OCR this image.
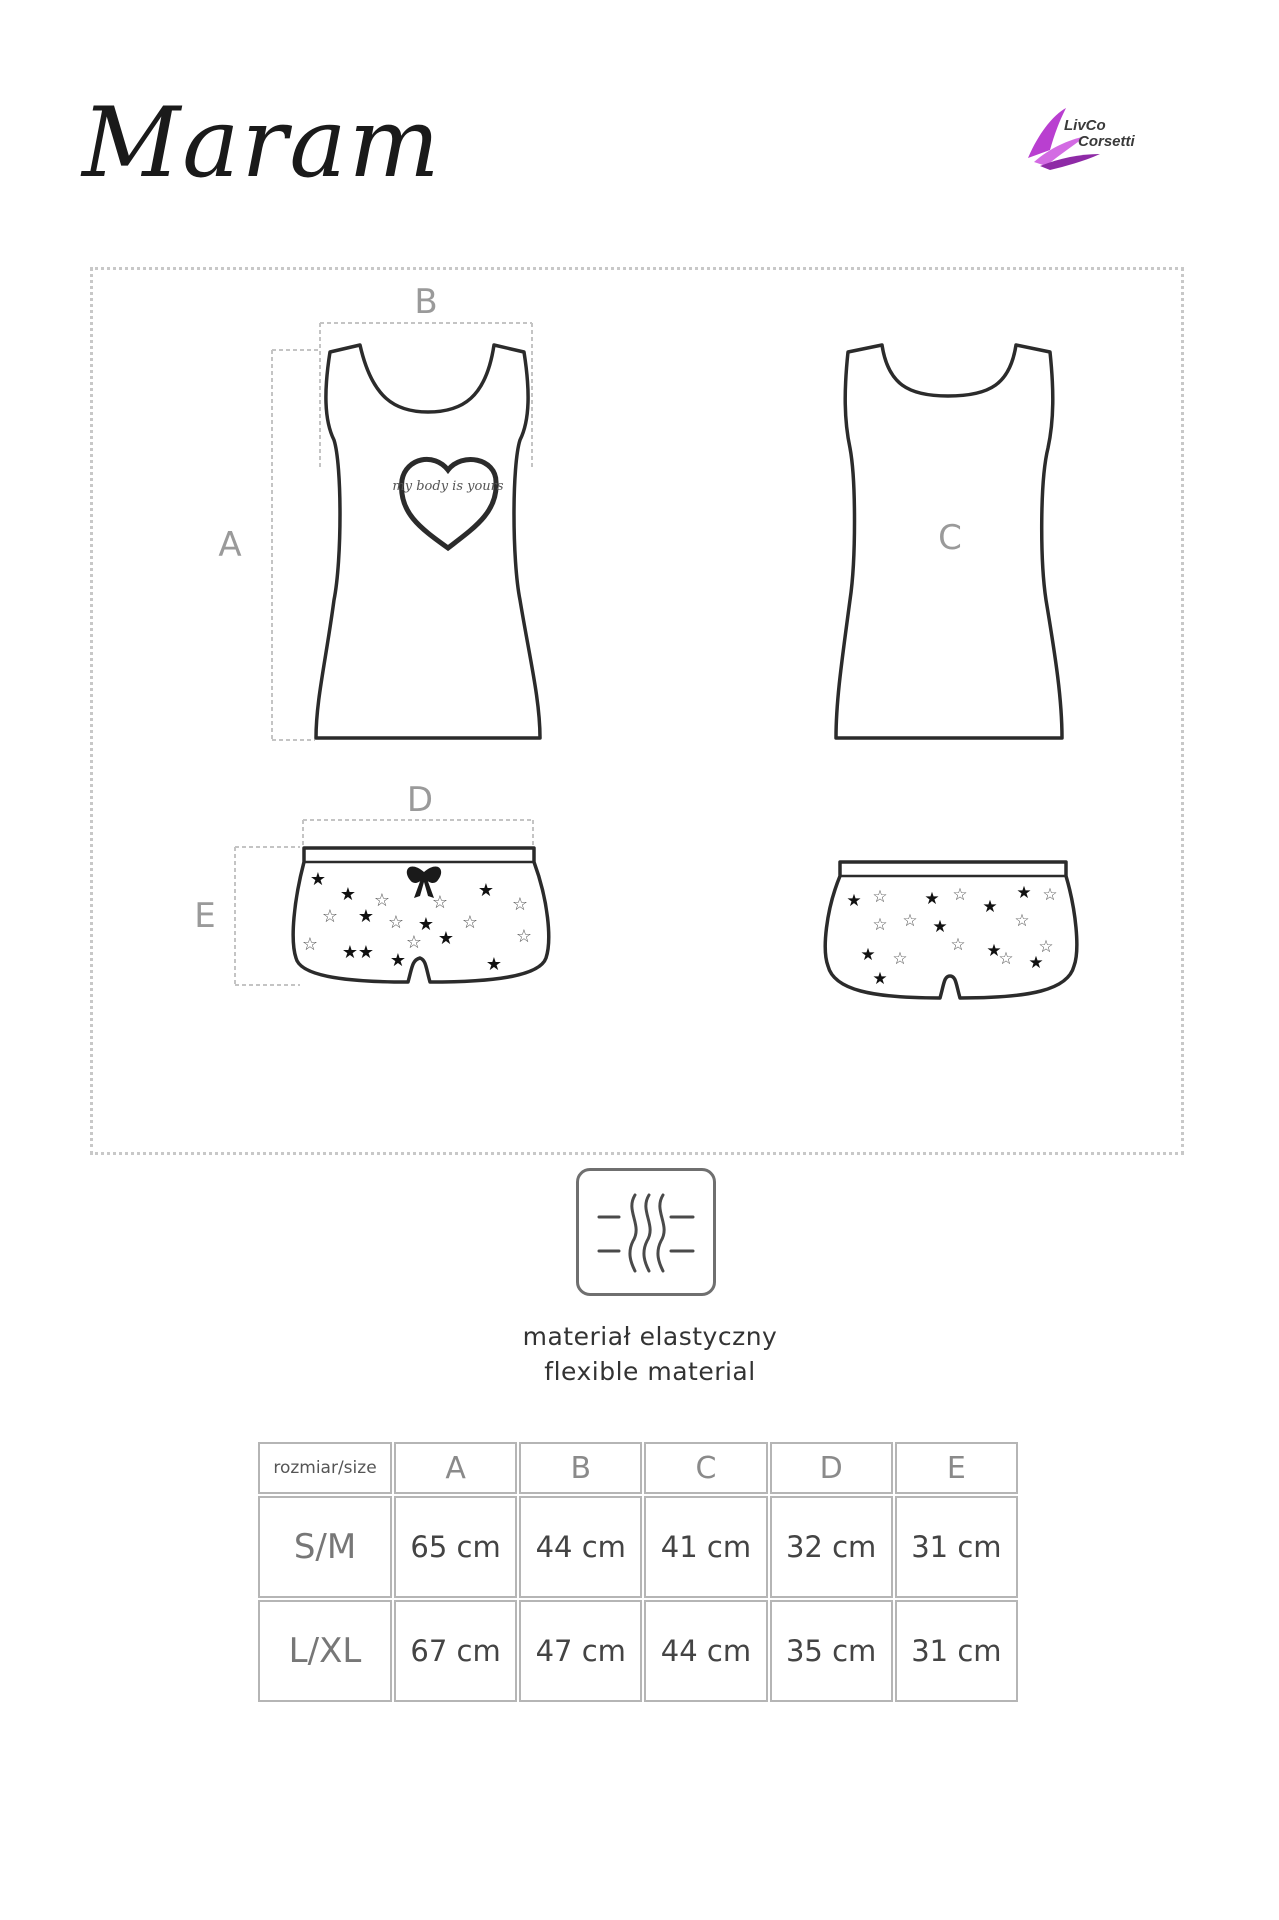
Maram	LivCo
Corsetti
my body is yours
★
★
☆
☆
☆
★
☆
☆
★
☆
★
☆ ★ ★ ☆ ★	☆
★	★
★ ☆
☆ ☆
★ ☆
★
☆
★ ☆
★
★ ☆
☆ ★
☆
☆
★
★
B
A	C
D
E
materiał elastyczny
flexible material
rozmiar/size	A	B	C	D	E
S/M	65 cm	44 cm	41 cm	32 cm	31 cm
L/XL	67 cm	47 cm	44 cm	35 cm	31 cm
